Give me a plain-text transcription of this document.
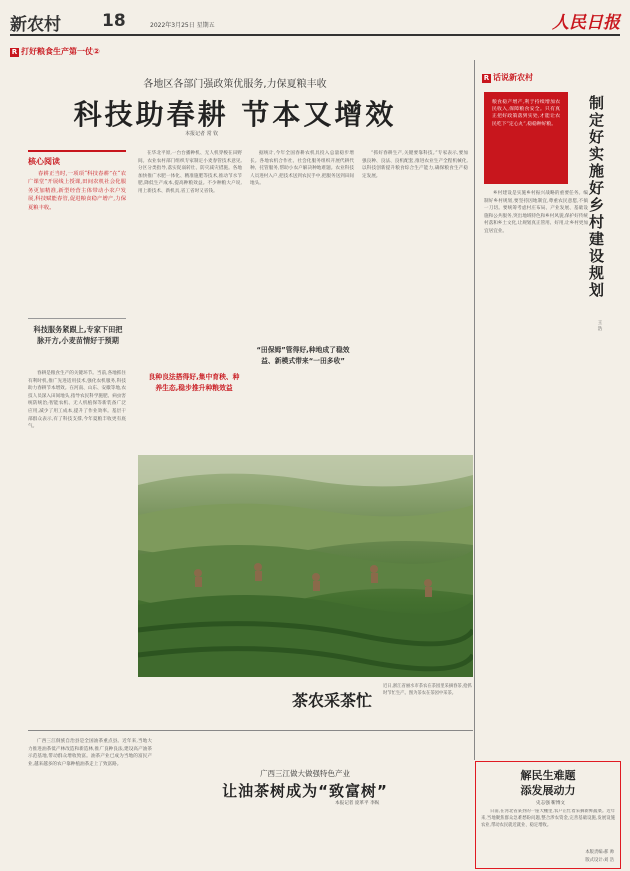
新农村 18	2022年3月25日 星期五	人民日报
R 打好粮食生产第一仗②
各地区各部门强政策优服务,力保夏粮丰收
科技助春耕 节本又增效
本报记者 常 钦
核心阅读
春耕正当时,一项项“科技春耕”在“农广课堂”开展线上授课,田间农机社会化服务更加精准,新型经营主体带动小农户发展,科技赋能春管,促进粮食稳产增产,力保夏粮丰收。
科技服务紧跟上,专家下田把脉开方,小麦苗情好于预期

春耕是粮食生产的关键环节。当前,各地抓住有利时机,推广先进适用技术,强化农机服务,科技助力春耕节本增效。在河南、山东、安徽等地,农技人员深入田间地头,指导农民科学施肥、病虫害统防统治;智能农机、无人机植保等新装备广泛应用,减少了用工成本,提升了作业效率。基层干部群众表示,有了科技支撑,今年夏粮丰收更有底气。

在华北平原,一台台播种机、无人机穿梭在田野间。农业农村部门组织专家制定小麦春管技术意见,分区分类指导,落实促弱转壮、防灾减灾措施。各地加快推广水肥一体化、精准施肥等技术,推动节水节肥,降低生产成本,提高种粮效益。不少种粮大户说,用上新技术、新机具,省工省时又省钱。

据统计,今年全国春耕农机具投入总量稳步增长。各地农机合作社、社会化服务组织开展代耕代种、托管服务,帮助小农户解决种地难题。农业科技人员进村入户,把技术送到农民手中,把服务送到田间地头。

“抓好春耕生产,关键要靠科技。”专家表示,要加强良种、良法、良机配套,推进农业生产全程机械化,以科技创新提升粮食综合生产能力,确保粮食生产稳定发展。

良种良法搭得好,集中育秧、种养生态,稳步推升种粮效益
“田保姆”管得好,种地成了稳效益、新模式带来“一田多收”
茶农采茶忙
近日,浙江省丽水市茶农在茶园里采摘春茶,抢抓时节忙生产。图为茶农在茶园中采茶。
广西三江做大做强特色产业
让油茶树成为“致富树”
本报记者 庞革平 李纵

广西三江侗族自治县是全国油茶重点县。近年来,当地大力推进油茶低产林改造和新造林,推广良种良法,建设高产油茶示范基地,带动群众增收致富。油茶产业已成为当地的富民产业,越来越多的农户靠种植油茶走上了致富路。

R 话说新农村
粮食稳产增产,利于持续增加农民收入,保障粮食安全。只有真正把好政策落到实处,才能让农民吃下“定心丸”,稳稳种好粮。 制定好实施好乡村建设规划
王 浩

乡村建设是实施乡村振兴战略的重要任务。编制好乡村规划,要坚持因地制宜,尊重农民意愿,不搞一刀切。要统筹考虑村庄布局、产业发展、基础设施和公共服务,突出地域特色和乡村风貌,保护好传统村落和乡土文化,让规划真正管用、好用,让乡村更加宜居宜业。

解民生难题
添发展动力
史志强 靳博文
日前,在河北省某县的一座大棚里,农户正忙着采摘新鲜蔬菜。近年来,当地聚焦群众急难愁盼问题,整合涉农资金,完善基础设施,发展设施农业,带动农民就近就业、稳定增收。
本版责编:郝 帅
版式设计:刘 浩
